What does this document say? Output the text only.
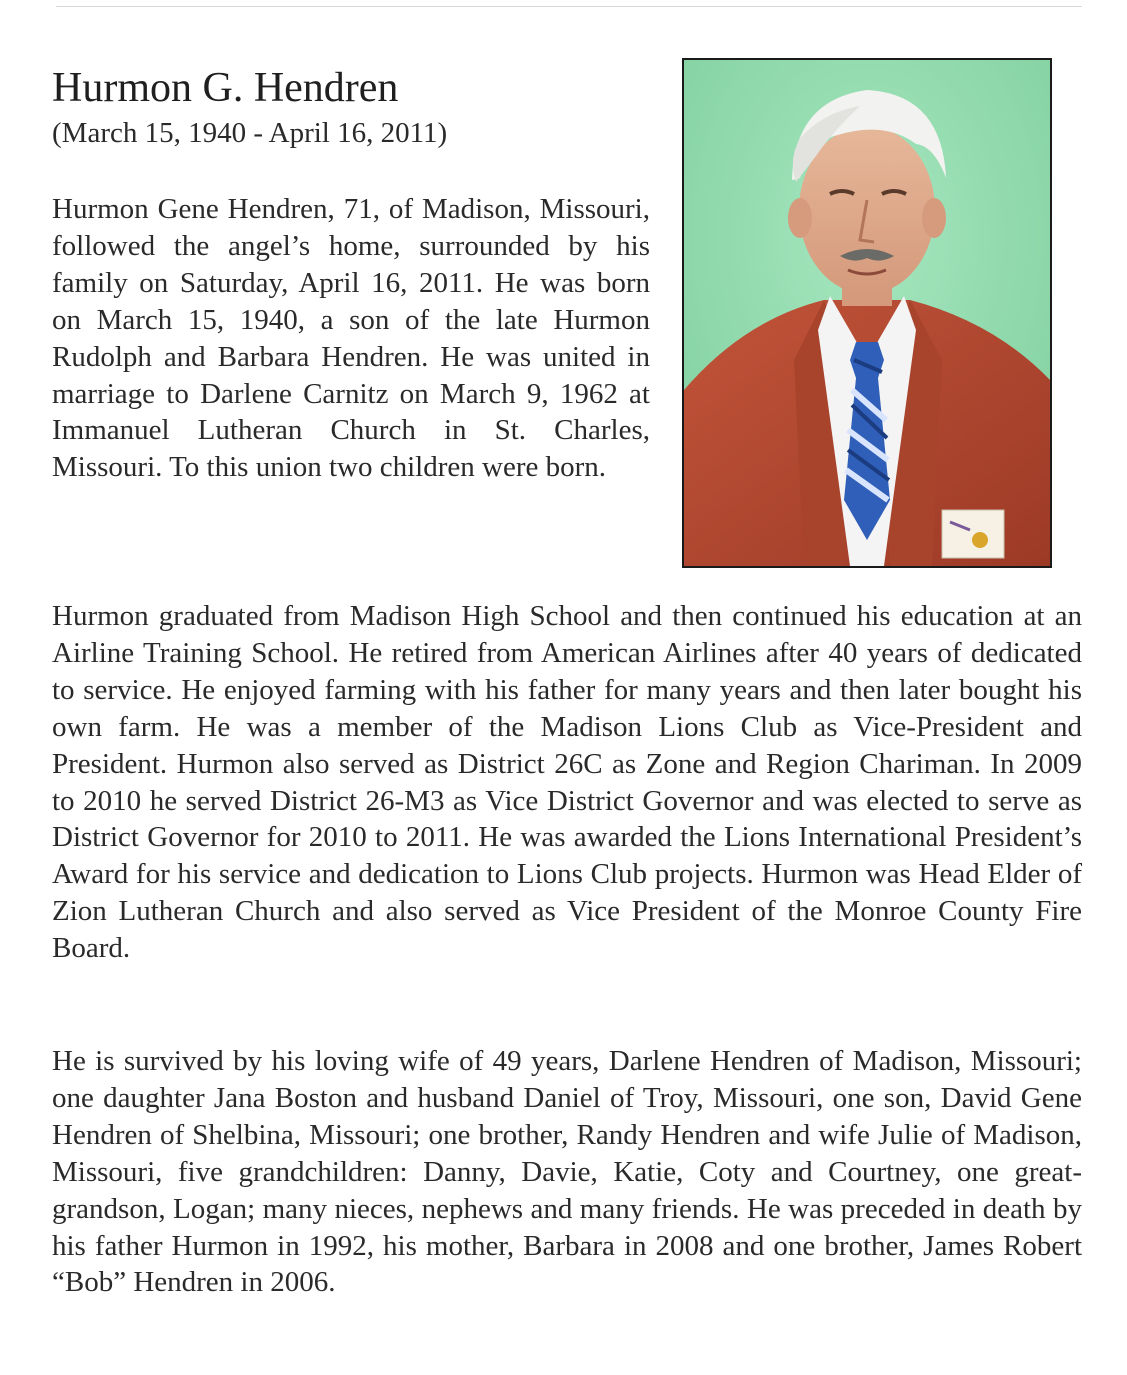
Hurmon G. Hendren
(March 15, 1940 - April 16, 2011)

Hurmon Gene Hendren, 71, of Madison, Missouri, followed the angel’s home, surrounded by his family on Saturday, April 16, 2011. He was born on March 15, 1940, a son of the late Hurmon Rudolph and Barbara Hendren. He was united in marriage to Darlene Carnitz on March 9, 1962 at Immanuel Lutheran Church in St. Charles, Missouri. To this union two children were born.

Hurmon graduated from Madison High School and then continued his education at an Airline Training School. He retired from American Airlines after 40 years of dedicated to service. He enjoyed farming with his father for many years and then later bought his own farm. He was a member of the Madison Lions Club as Vice-President and President. Hurmon also served as District 26C as Zone and Region Chariman. In 2009 to 2010 he served District 26-M3 as Vice District Governor and was elected to serve as District Governor for 2010 to 2011. He was awarded the Lions International President’s Award for his service and dedication to Lions Club projects. Hurmon was Head Elder of Zion Lutheran Church and also served as Vice President of the Monroe County Fire Board.

He is survived by his loving wife of 49 years, Darlene Hendren of Madison, Missouri; one daughter Jana Boston and husband Daniel of Troy, Missouri, one son, David Gene Hendren of Shelbina, Missouri; one brother, Randy Hendren and wife Julie of Madison, Missouri, five grandchildren: Danny, Davie, Katie, Coty and Courtney, one great-grandson, Logan; many nieces, nephews and many friends. He was preceded in death by his father Hurmon in 1992, his mother, Barbara in 2008 and one brother, James Robert “Bob” Hendren in 2006.
